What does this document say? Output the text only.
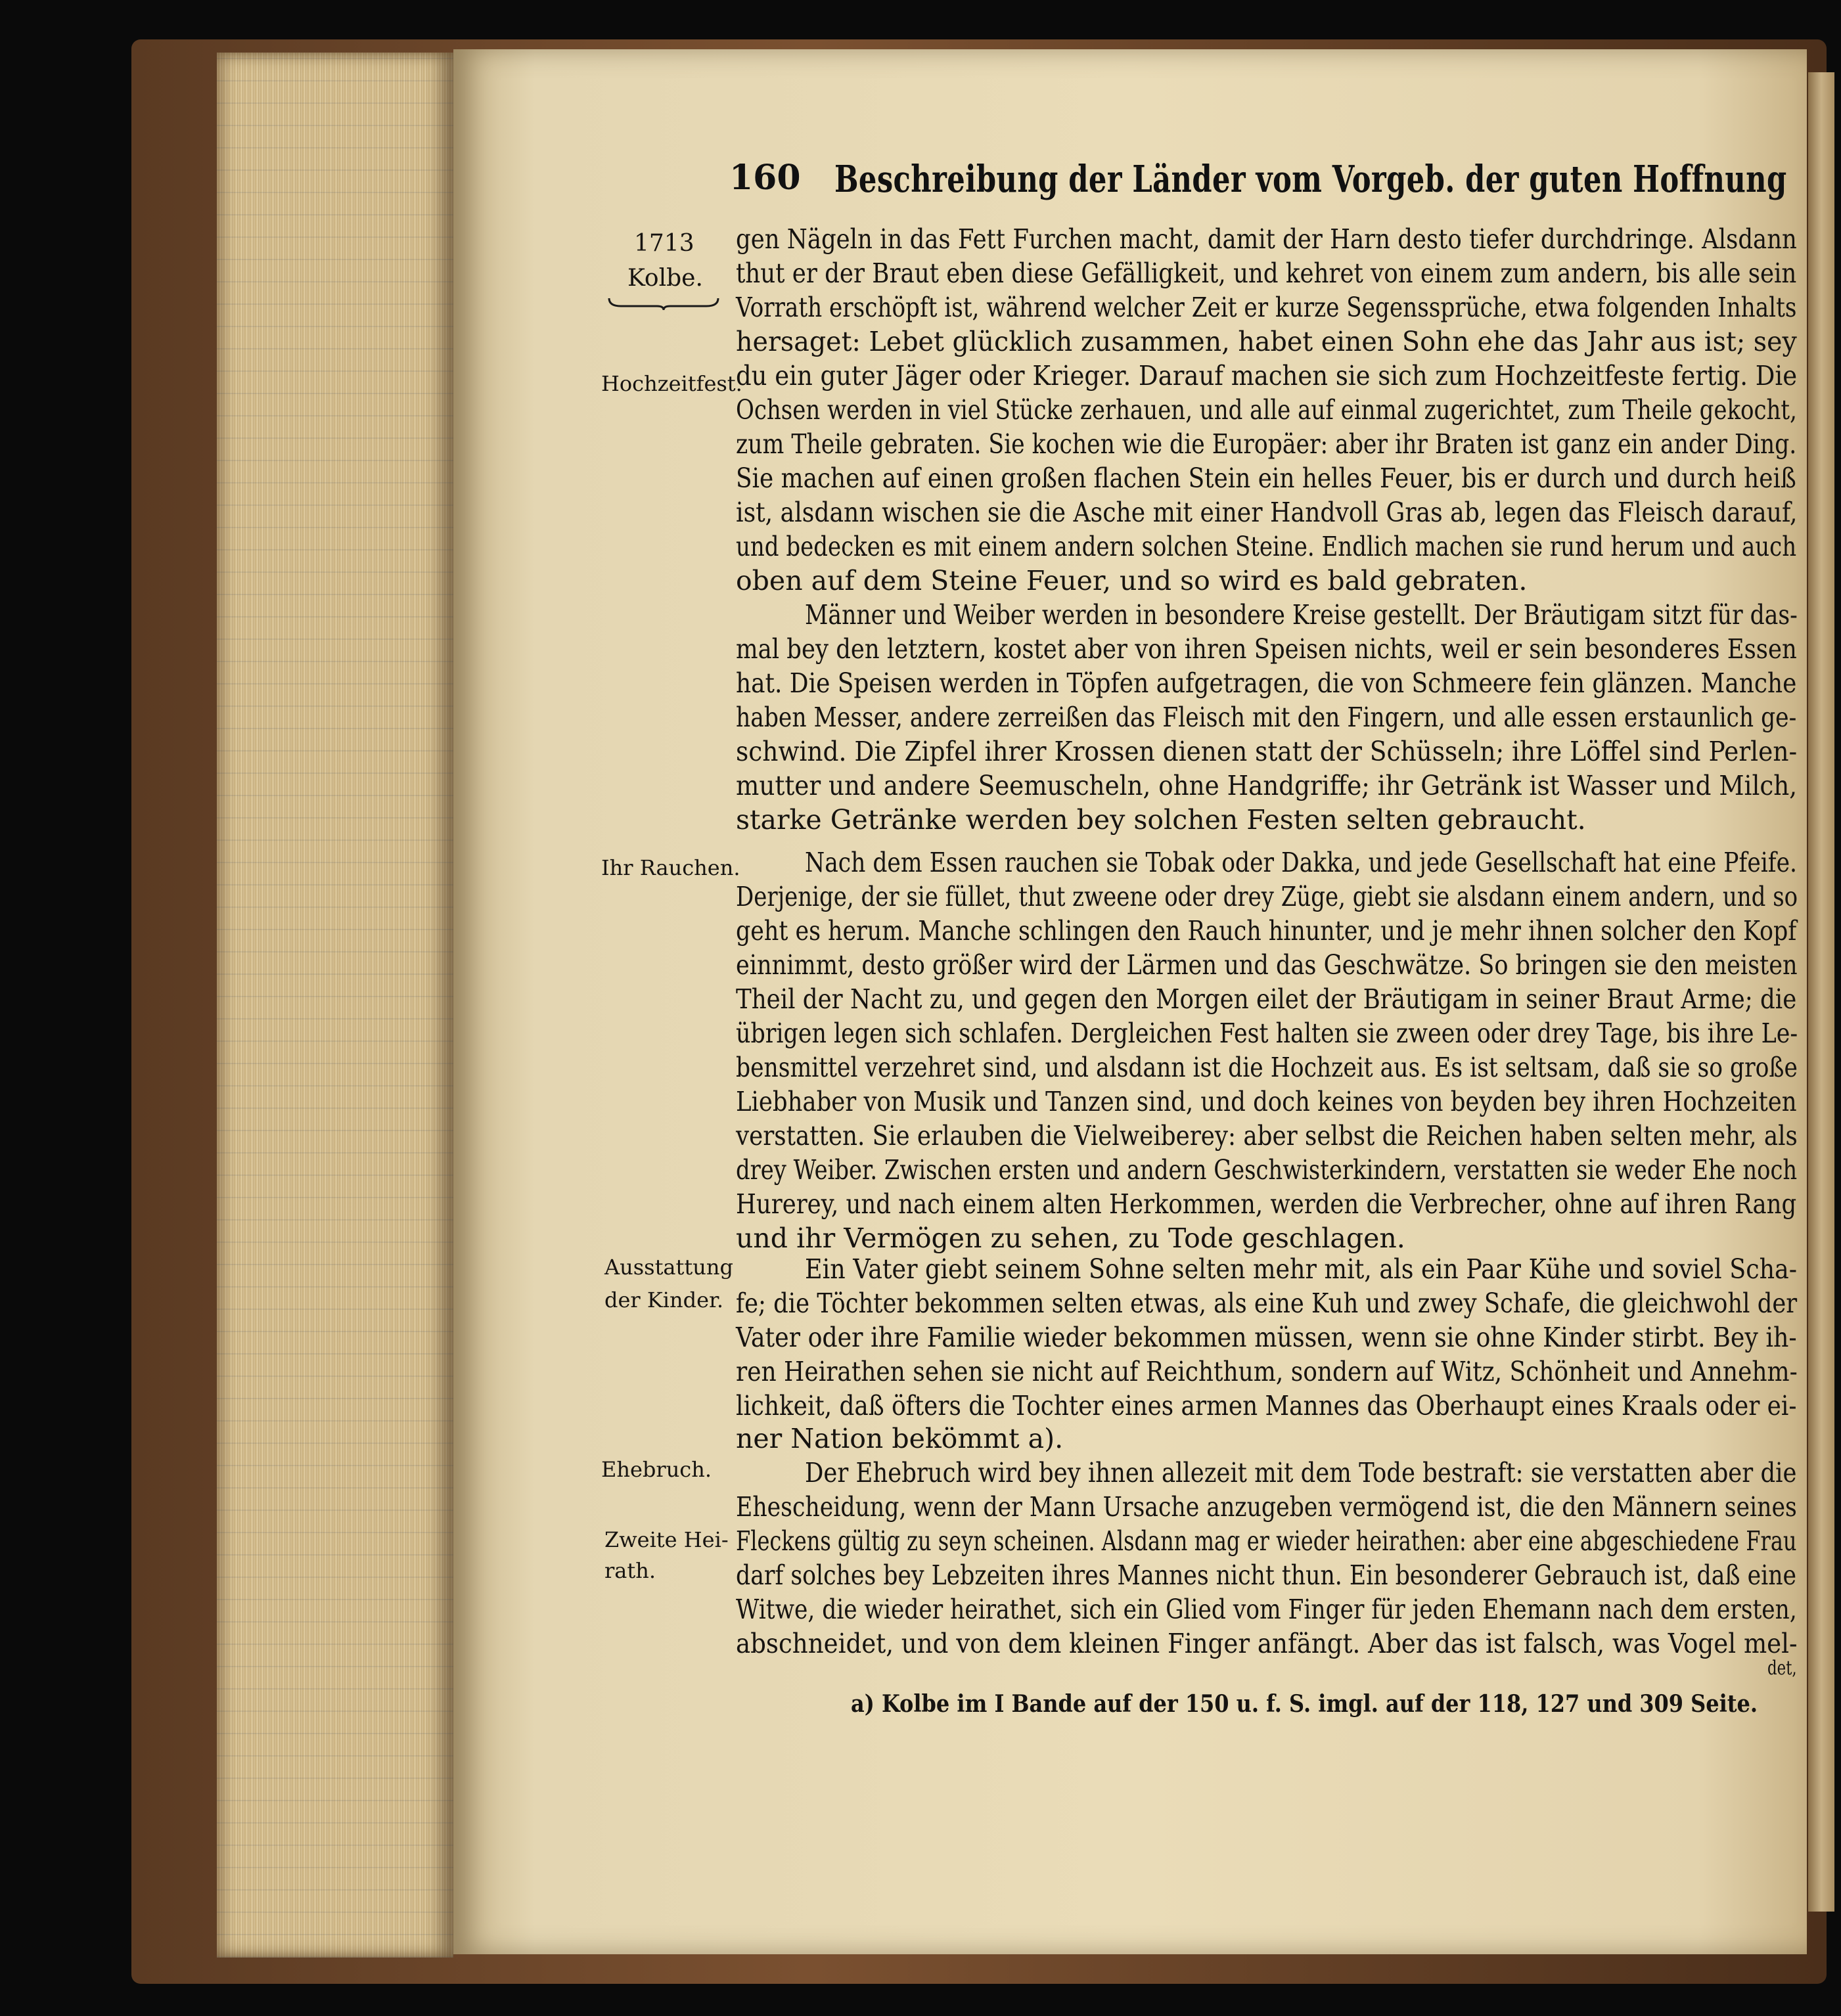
160 Beschreibung der Länder vom Vorgeb. der guten Hoffnung
1713
Kolbe.
Hochzeitfest.
Ihr Rauchen.
Ausstattung
der Kinder.
Ehebruch.
Zweite Hei-
rath.
gen Nägeln in das Fett Furchen macht, damit der Harn desto tiefer durchdringe. Alsdann
thut er der Braut eben diese Gefälligkeit, und kehret von einem zum andern, bis alle sein
Vorrath erschöpft ist, während welcher Zeit er kurze Segenssprüche, etwa folgenden Inhalts
hersaget: Lebet glücklich zusammen, habet einen Sohn ehe das Jahr aus ist; sey
du ein guter Jäger oder Krieger. Darauf machen sie sich zum Hochzeitfeste fertig. Die
Ochsen werden in viel Stücke zerhauen, und alle auf einmal zugerichtet, zum Theile gekocht,
zum Theile gebraten. Sie kochen wie die Europäer: aber ihr Braten ist ganz ein ander Ding.
Sie machen auf einen großen flachen Stein ein helles Feuer, bis er durch und durch heiß
ist, alsdann wischen sie die Asche mit einer Handvoll Gras ab, legen das Fleisch darauf,
und bedecken es mit einem andern solchen Steine. Endlich machen sie rund herum und auch
oben auf dem Steine Feuer, und so wird es bald gebraten.
Männer und Weiber werden in besondere Kreise gestellt. Der Bräutigam sitzt für das-
mal bey den letztern, kostet aber von ihren Speisen nichts, weil er sein besonderes Essen
hat. Die Speisen werden in Töpfen aufgetragen, die von Schmeere fein glänzen. Manche
haben Messer, andere zerreißen das Fleisch mit den Fingern, und alle essen erstaunlich ge-
schwind. Die Zipfel ihrer Krossen dienen statt der Schüsseln; ihre Löffel sind Perlen-
mutter und andere Seemuscheln, ohne Handgriffe; ihr Getränk ist Wasser und Milch,
starke Getränke werden bey solchen Festen selten gebraucht.
Nach dem Essen rauchen sie Tobak oder Dakka, und jede Gesellschaft hat eine Pfeife.
Derjenige, der sie füllet, thut zweene oder drey Züge, giebt sie alsdann einem andern, und so
geht es herum. Manche schlingen den Rauch hinunter, und je mehr ihnen solcher den Kopf
einnimmt, desto größer wird der Lärmen und das Geschwätze. So bringen sie den meisten
Theil der Nacht zu, und gegen den Morgen eilet der Bräutigam in seiner Braut Arme; die
übrigen legen sich schlafen. Dergleichen Fest halten sie zween oder drey Tage, bis ihre Le-
bensmittel verzehret sind, und alsdann ist die Hochzeit aus. Es ist seltsam, daß sie so große
Liebhaber von Musik und Tanzen sind, und doch keines von beyden bey ihren Hochzeiten
verstatten. Sie erlauben die Vielweiberey: aber selbst die Reichen haben selten mehr, als
drey Weiber. Zwischen ersten und andern Geschwisterkindern, verstatten sie weder Ehe noch
Hurerey, und nach einem alten Herkommen, werden die Verbrecher, ohne auf ihren Rang
und ihr Vermögen zu sehen, zu Tode geschlagen.
Ein Vater giebt seinem Sohne selten mehr mit, als ein Paar Kühe und soviel Scha-
fe; die Töchter bekommen selten etwas, als eine Kuh und zwey Schafe, die gleichwohl der
Vater oder ihre Familie wieder bekommen müssen, wenn sie ohne Kinder stirbt. Bey ih-
ren Heirathen sehen sie nicht auf Reichthum, sondern auf Witz, Schönheit und Annehm-
lichkeit, daß öfters die Tochter eines armen Mannes das Oberhaupt eines Kraals oder ei-
ner Nation bekömmt a).
Der Ehebruch wird bey ihnen allezeit mit dem Tode bestraft: sie verstatten aber die
Ehescheidung, wenn der Mann Ursache anzugeben vermögend ist, die den Männern seines
Fleckens gültig zu seyn scheinen. Alsdann mag er wieder heirathen: aber eine abgeschiedene Frau
darf solches bey Lebzeiten ihres Mannes nicht thun. Ein besonderer Gebrauch ist, daß eine
Witwe, die wieder heirathet, sich ein Glied vom Finger für jeden Ehemann nach dem ersten,
abschneidet, und von dem kleinen Finger anfängt. Aber das ist falsch, was Vogel mel-
det,
a) Kolbe im I Bande auf der 150 u. f. S. imgl. auf der 118, 127 und 309 Seite.
